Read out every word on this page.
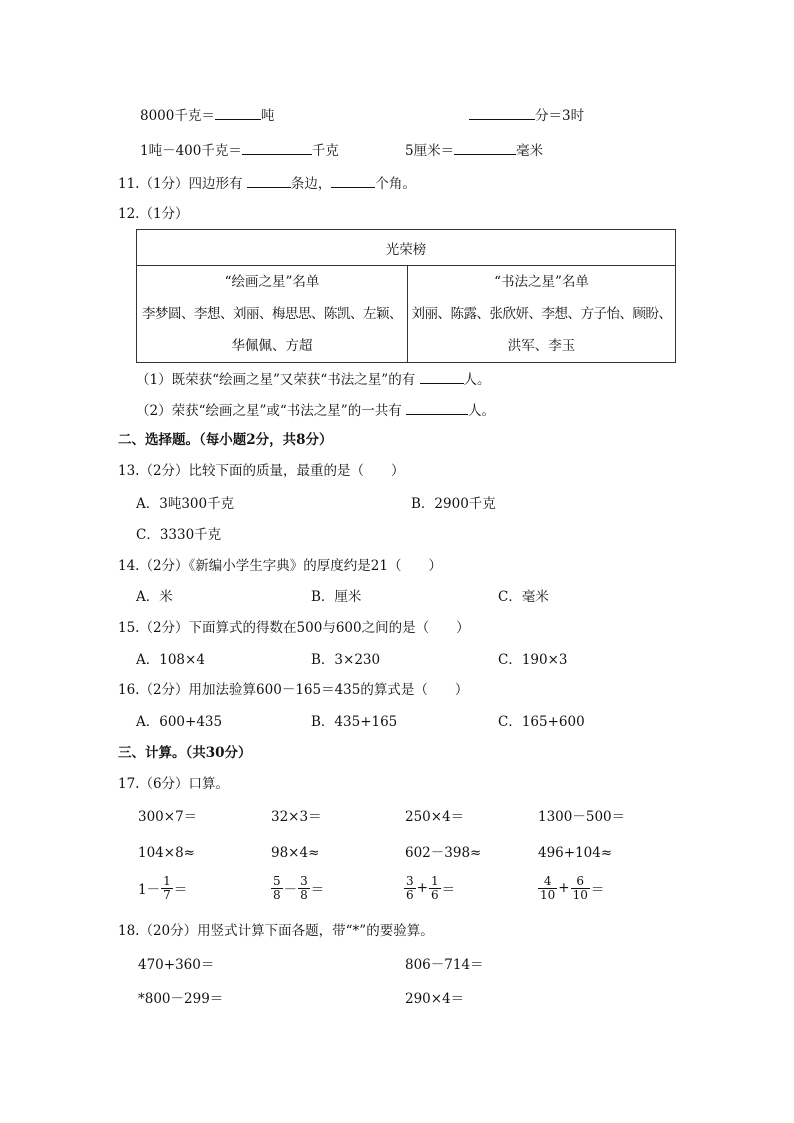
8000千克＝	吨	分＝3时
1吨－400千克＝	千克	5厘米＝	毫米
11.（1分）四边形有	条边，	个角。
12.（1分）
光荣榜

“绘画之星”名单
李梦圆、李想、刘丽、梅思思、陈凯、左颖、
华佩佩、方超

“书法之星”名单
刘丽、陈露、张欣妍、李想、方子怡、顾盼、
洪军、李玉
（1）既荣获“绘画之星”又荣获“书法之星”的有	人。
（2）荣获“绘画之星”或“书法之星”的一共有	人。
二、选择题。（每小题2分，共8分）
13.（2分）比较下面的质量，最重的是（　　）
A．3吨300千克	B．2900千克
C．3330千克
14.（2分）《新编小学生字典》的厚度约是21（　　）
A．米	B．厘米	C．毫米
15.（2分）下面算式的得数在500与600之间的是（　　）
A．108×4	B．3×230	C．190×3
16.（2分）用加法验算600－165＝435的算式是（　　）
A．600+435	B．435+165	C．165+600
三、计算。（共30分）
17.（6分）口算。
300×7＝	32×3＝	250×4＝	1300－500＝
104×8≈	98×4≈	602－398≈	496+104≈
$1- \frac{1}{7}$ ＝	$\frac{5}{8} - \frac{3}{8}$ ＝	$\frac{3}{6} + \frac{1}{6}$ ＝	$\frac{4}{10} + \frac{6}{10}$ ＝
18.（20分）用竖式计算下面各题，带“*”的要验算。
470+360＝	806－714＝
*800－299＝	290×4＝
